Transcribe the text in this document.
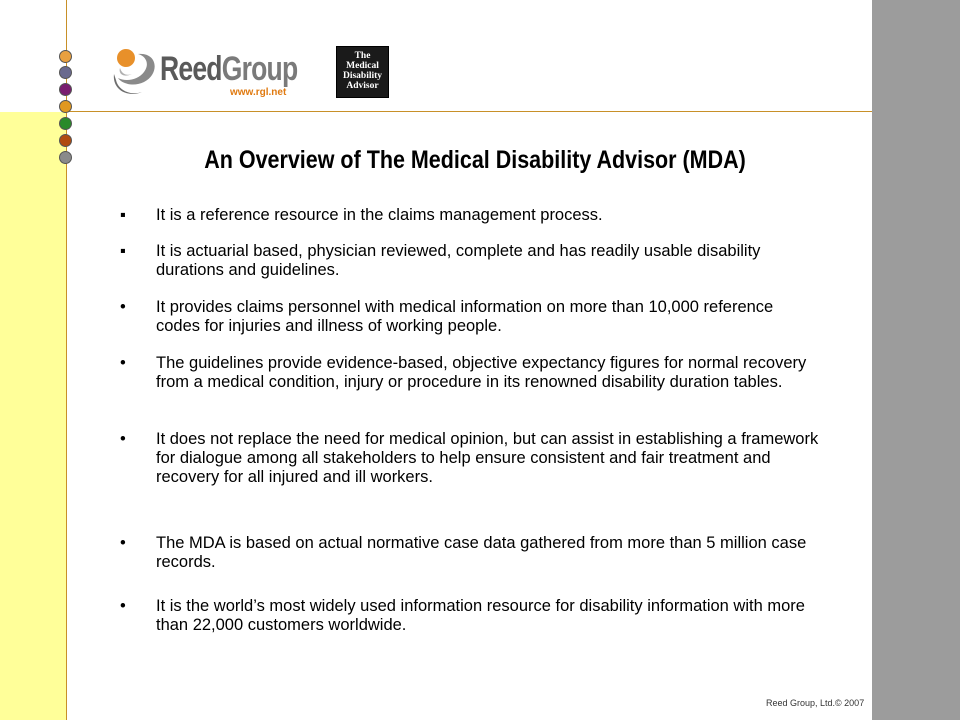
ReedGroup
www.rgl.net
The
Medical
Disability
Advisor
An Overview of The Medical Disability Advisor (MDA)
▪	It is a reference resource in the claims management process.
▪	It is actuarial based, physician reviewed, complete and has readily usable disability durations and guidelines.
•	It provides claims personnel with medical information on more than 10,000 reference codes for injuries and illness of working people.
•	The guidelines provide evidence-based, objective expectancy figures for normal recovery from a medical condition, injury or procedure in its renowned disability duration tables.
•	It does not replace the need for medical opinion, but can assist in establishing a framework for dialogue among all stakeholders to help ensure consistent and fair treatment and recovery for all injured and ill workers.
•	The MDA is based on actual normative case data gathered from more than 5 million case records.
•	It is the world’s most widely used information resource for disability information with more than 22,000 customers worldwide.
Reed Group, Ltd.© 2007
